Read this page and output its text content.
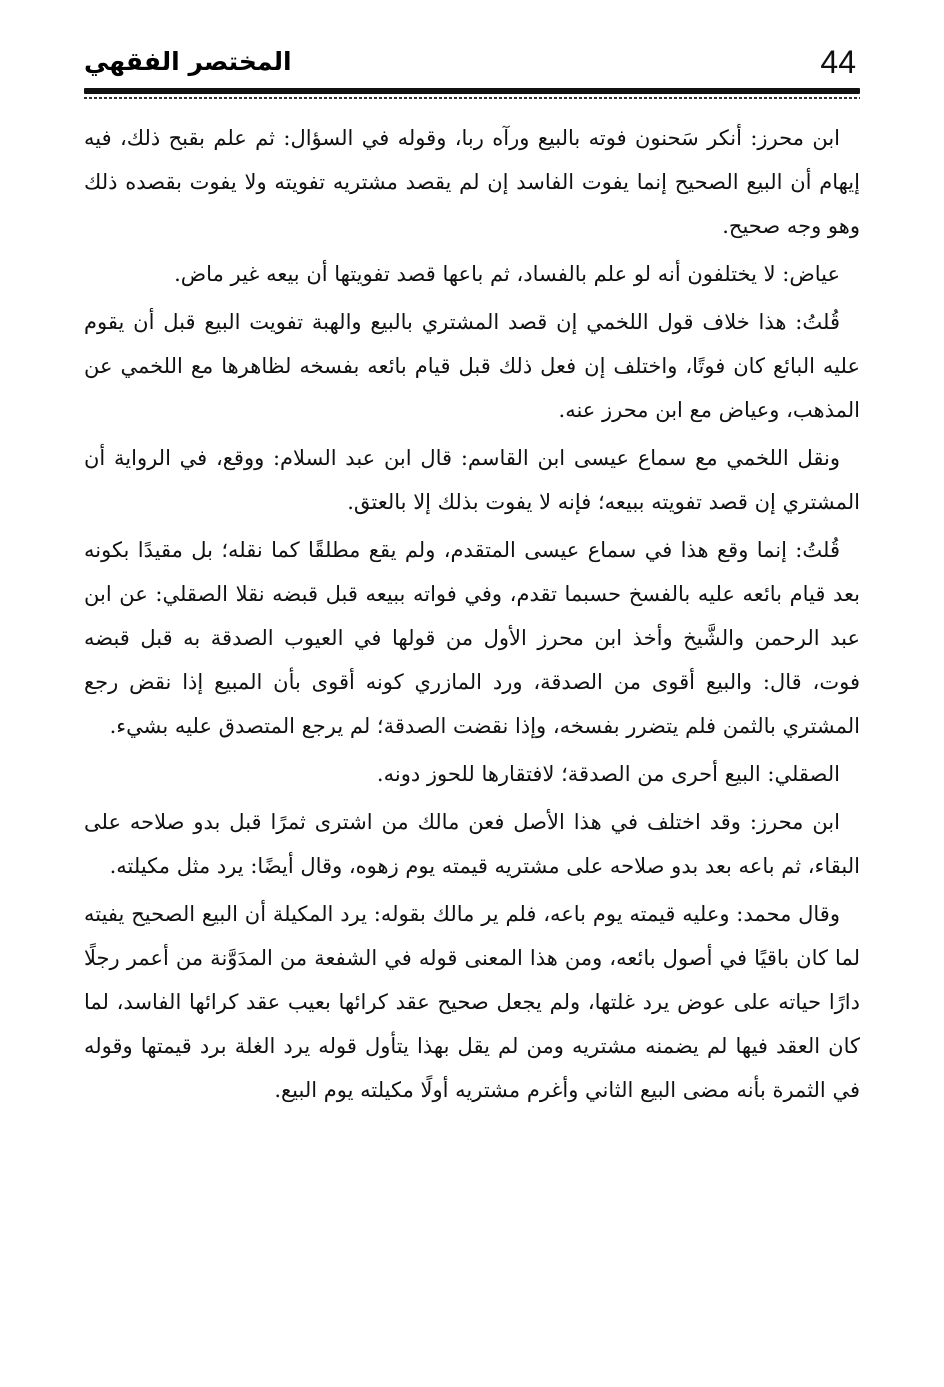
44
المختصر الفقهي

ابن محرز: أنكر سَحنون فوته بالبيع ورآه ربا، وقوله في السؤال: ثم علم بقبح ذلك، فيه إيهام أن البيع الصحيح إنما يفوت الفاسد إن لم يقصد مشتريه تفويته ولا يفوت بقصده ذلك وهو وجه صحيح.

عياض: لا يختلفون أنه لو علم بالفساد، ثم باعها قصد تفويتها أن بيعه غير ماض.

قُلتُ: هذا خلاف قول اللخمي إن قصد المشتري بالبيع والهبة تفويت البيع قبل أن يقوم عليه البائع كان فوتًا، واختلف إن فعل ذلك قبل قيام بائعه بفسخه لظاهرها مع اللخمي عن المذهب، وعياض مع ابن محرز عنه.

ونقل اللخمي مع سماع عيسى ابن القاسم: قال ابن عبد السلام: ووقع، في الرواية أن المشتري إن قصد تفويته ببيعه؛ فإنه لا يفوت بذلك إلا بالعتق.

قُلتُ: إنما وقع هذا في سماع عيسى المتقدم، ولم يقع مطلقًا كما نقله؛ بل مقيدًا بكونه بعد قيام بائعه عليه بالفسخ حسبما تقدم، وفي فواته ببيعه قبل قبضه نقلا الصقلي: عن ابن عبد الرحمن والشَّيخ وأخذ ابن محرز الأول من قولها في العيوب الصدقة به قبل قبضه فوت، قال: والبيع أقوى من الصدقة، ورد المازري كونه أقوى بأن المبيع إذا نقض رجع المشتري بالثمن فلم يتضرر بفسخه، وإذا نقضت الصدقة؛ لم يرجع المتصدق عليه بشيء.

الصقلي: البيع أحرى من الصدقة؛ لافتقارها للحوز دونه.

ابن محرز: وقد اختلف في هذا الأصل فعن مالك من اشترى ثمرًا قبل بدو صلاحه على البقاء، ثم باعه بعد بدو صلاحه على مشتريه قيمته يوم زهوه، وقال أيضًا: يرد مثل مكيلته.

وقال محمد: وعليه قيمته يوم باعه، فلم ير مالك بقوله: يرد المكيلة أن البيع الصحيح يفيته لما كان باقيًا في أصول بائعه، ومن هذا المعنى قوله في الشفعة من المدَوَّنة من أعمر رجلًا دارًا حياته على عوض يرد غلتها، ولم يجعل صحيح عقد كرائها بعيب عقد كرائها الفاسد، لما كان العقد فيها لم يضمنه مشتريه ومن لم يقل بهذا يتأول قوله يرد الغلة برد قيمتها وقوله في الثمرة بأنه مضى البيع الثاني وأغرم مشتريه أولًا مكيلته يوم البيع.
